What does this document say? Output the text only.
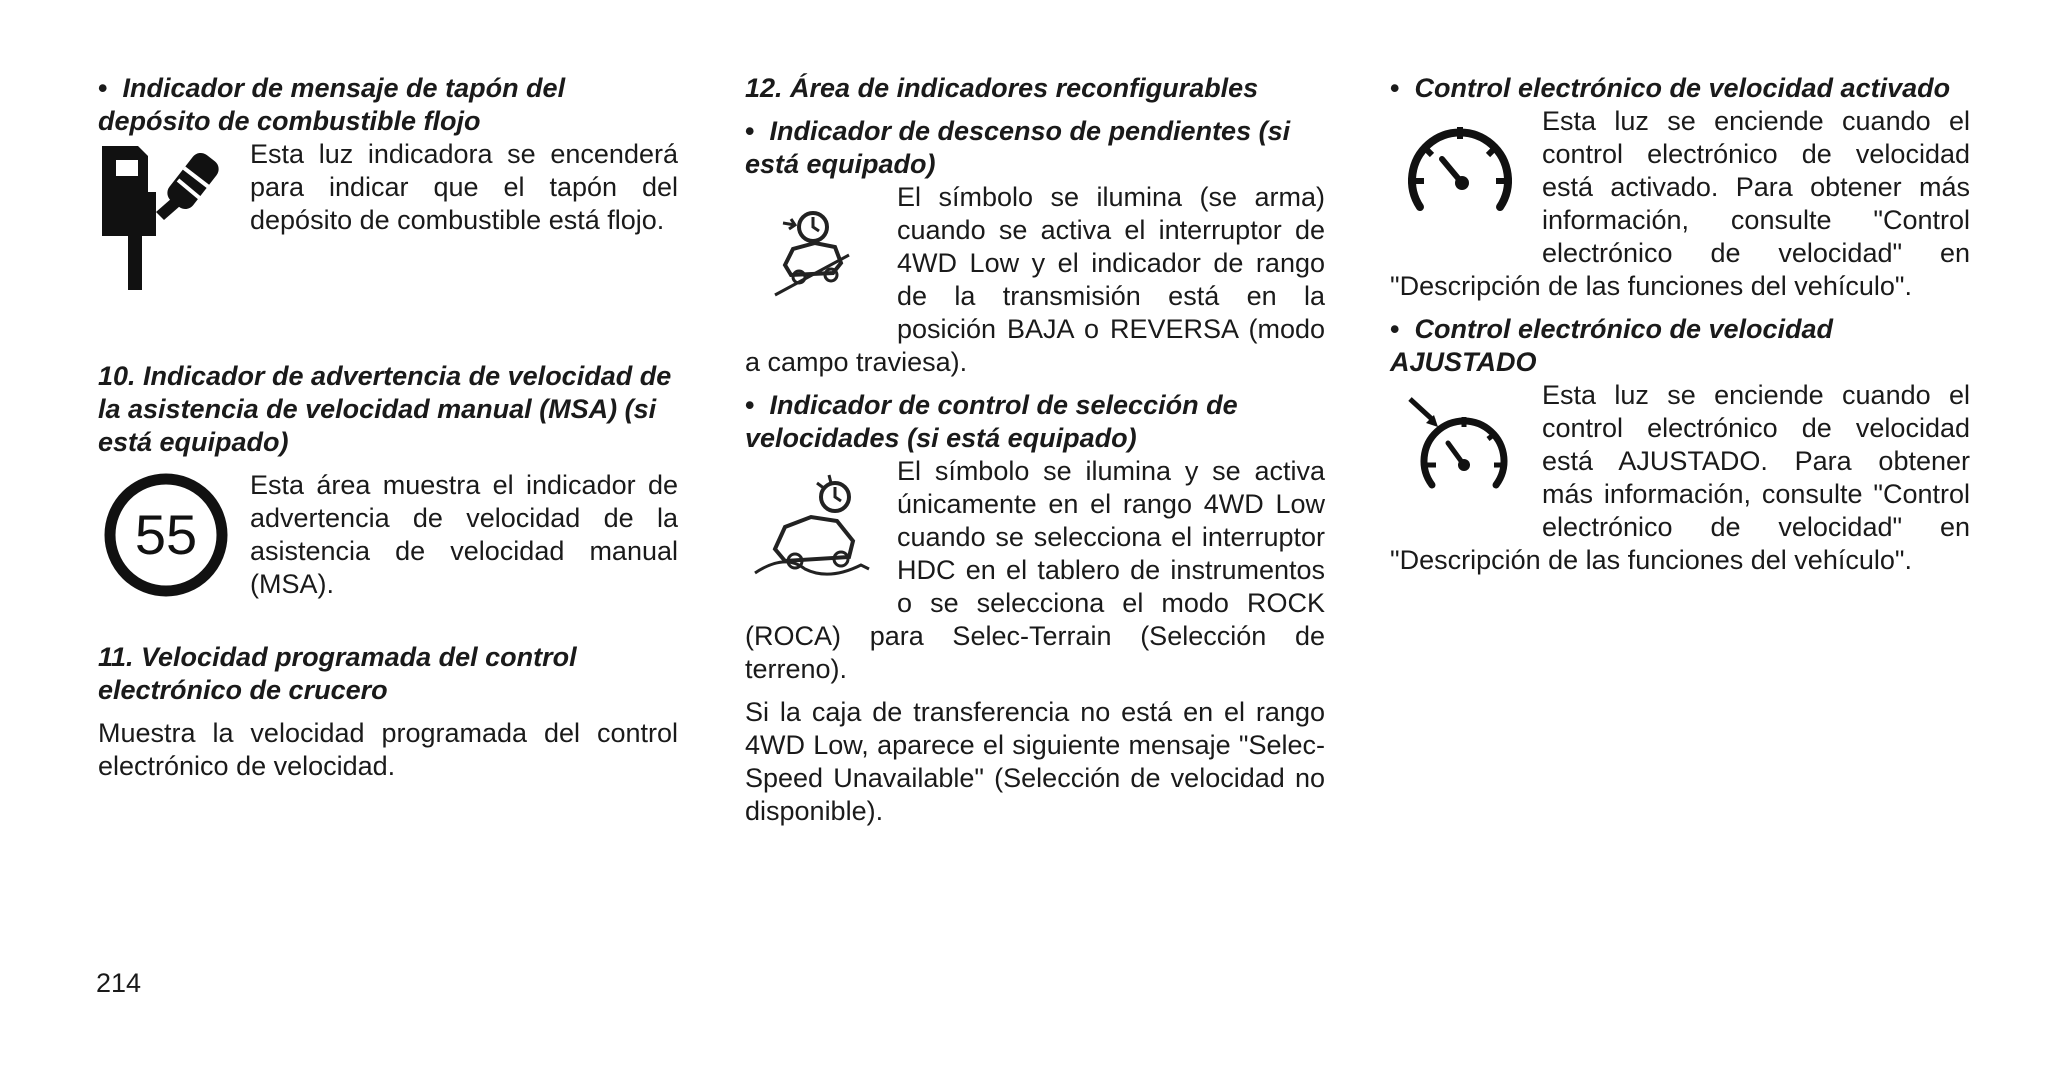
•  Indicador de mensaje de tapón del depósito de combustible flojo

Esta luz indicadora se encenderá para indicar que el tapón del depósito de combustible está flojo.

10. Indicador de advertencia de velocidad de la asistencia de velocidad manual (MSA) (si está equipado)

55

Esta área muestra el indicador de advertencia de velocidad de la asistencia de velocidad manual (MSA).

11. Velocidad programada del control electrónico de crucero

Muestra la velocidad programada del control electrónico de velocidad.

12. Área de indicadores reconfigurables

•  Indicador de descenso de pendientes (si está equipado)

El símbolo se ilumina (se arma) cuando se activa el interruptor de 4WD Low y el indicador de rango de la transmisión está en la posición BAJA o REVERSA (modo a campo traviesa).

•  Indicador de control de selección de velocidades (si está equipado)

El símbolo se ilumina y se activa únicamente en el rango 4WD Low cuando se selecciona el interruptor HDC en el tablero de instrumentos o se selecciona el modo ROCK (ROCA) para Selec-Terrain (Selección de terreno).

Si la caja de transferencia no está en el rango 4WD Low, aparece el siguiente mensaje "Selec-Speed Unavailable" (Selección de velocidad no disponible).

•  Control electrónico de velocidad activado

Esta luz se enciende cuando el control electrónico de velocidad está activado. Para obtener más información, consulte "Control electrónico de velocidad" en "Descripción de las funciones del vehículo".

•  Control electrónico de velocidad AJUSTADO

Esta luz se enciende cuando el control electrónico de velocidad está AJUSTADO. Para obtener más información, consulte "Control electrónico de velocidad" en "Descripción de las funciones del vehículo".

214
